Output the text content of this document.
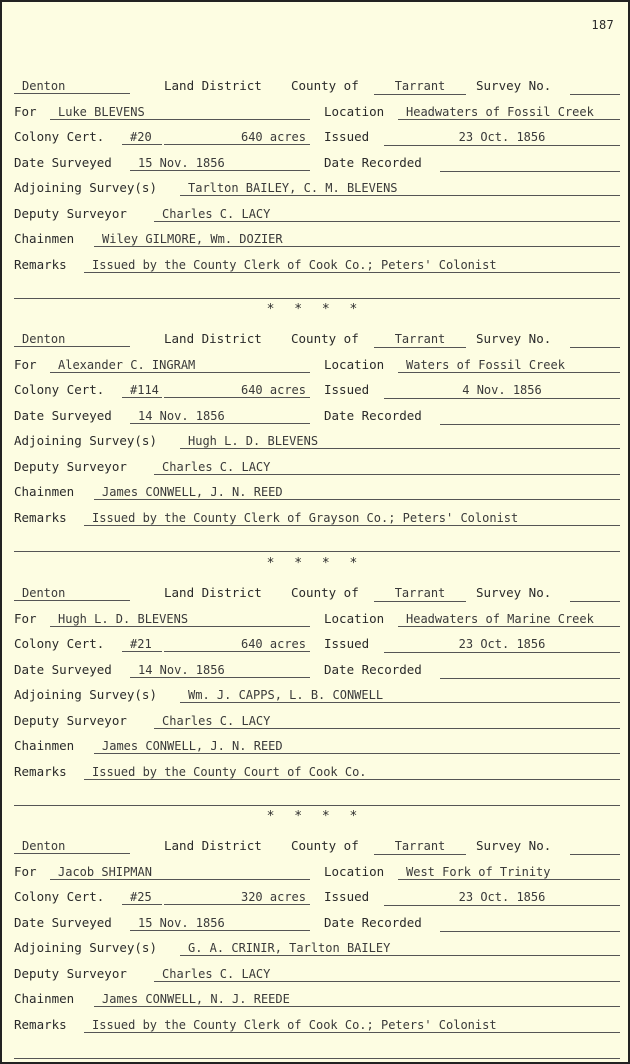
187
Denton	Land District County of	Tarrant	Survey No.
For	Luke BLEVENS	Location	Headwaters of Fossil Creek
Colony Cert.	#20	640 acres	Issued	23 Oct. 1856
Date Surveyed	15 Nov. 1856	Date Recorded
Adjoining Survey(s)	Tarlton BAILEY, C. M. BLEVENS
Deputy Surveyor	Charles C. LACY
Chainmen	Wiley GILMORE, Wm. DOZIER
Remarks	Issued by the County Clerk of Cook Co.; Peters' Colonist
* * * *
Denton	Land District County of	Tarrant	Survey No.
For	Alexander C. INGRAM	Location	Waters of Fossil Creek
Colony Cert.	#114	640 acres	Issued	4 Nov. 1856
Date Surveyed	14 Nov. 1856	Date Recorded
Adjoining Survey(s)	Hugh L. D. BLEVENS
Deputy Surveyor	Charles C. LACY
Chainmen	James CONWELL, J. N. REED
Remarks	Issued by the County Clerk of Grayson Co.; Peters' Colonist
* * * *
Denton	Land District County of	Tarrant	Survey No.
For	Hugh L. D. BLEVENS	Location	Headwaters of Marine Creek
Colony Cert.	#21	640 acres	Issued	23 Oct. 1856
Date Surveyed	14 Nov. 1856	Date Recorded
Adjoining Survey(s)	Wm. J. CAPPS, L. B. CONWELL
Deputy Surveyor	Charles C. LACY
Chainmen	James CONWELL, J. N. REED
Remarks	Issued by the County Court of Cook Co.
* * * *
Denton	Land District County of	Tarrant	Survey No.
For	Jacob SHIPMAN	Location	West Fork of Trinity
Colony Cert.	#25	320 acres	Issued	23 Oct. 1856
Date Surveyed	15 Nov. 1856	Date Recorded
Adjoining Survey(s)	G. A. CRINIR, Tarlton BAILEY
Deputy Surveyor	Charles C. LACY
Chainmen	James CONWELL, N. J. REEDE
Remarks	Issued by the County Clerk of Cook Co.; Peters' Colonist
